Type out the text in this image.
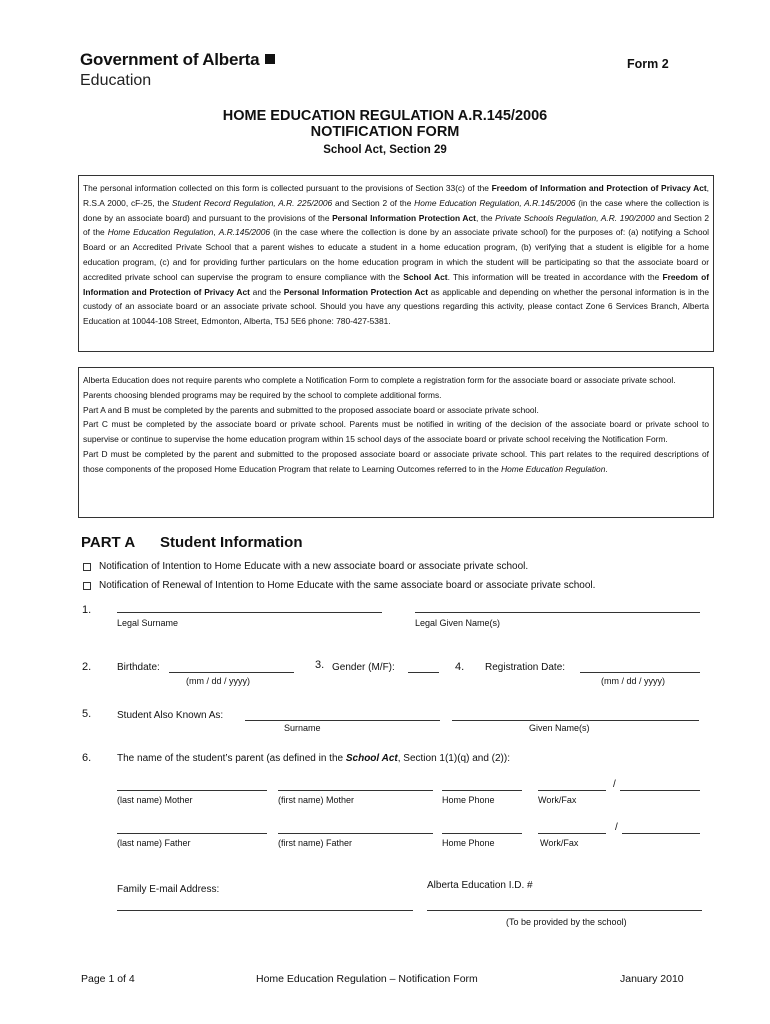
Government of Alberta
Education
Form 2
HOME EDUCATION REGULATION A.R.145/2006
NOTIFICATION FORM
School Act, Section 29

The personal information collected on this form is collected pursuant to the provisions of Section 33(c) of the Freedom of Information and Protection of Privacy Act, R.S.A 2000, cF-25, the Student Record Regulation, A.R. 225/2006 and Section 2 of the Home Education Regulation, A.R.145/2006 (in the case where the collection is done by an associate board) and pursuant to the provisions of the Personal Information Protection Act, the Private Schools Regulation, A.R. 190/2000 and Section 2 of the Home Education Regulation, A.R.145/2006 (in the case where the collection is done by an associate private school) for the purposes of: (a) notifying a School Board or an Accredited Private School that a parent wishes to educate a student in a home education program, (b) verifying that a student is eligible for a home education program, (c) and for providing further particulars on the home education program in which the student will be participating so that the associate board or accredited private school can supervise the program to ensure compliance with the School Act. This information will be treated in accordance with the Freedom of Information and Protection of Privacy Act and the Personal Information Protection Act as applicable and depending on whether the personal information is in the custody of an associate board or an associate private school. Should you have any questions regarding this activity, please contact Zone 6 Services Branch, Alberta Education at 10044-108 Street, Edmonton, Alberta, T5J 5E6 phone: 780-427-5381.

Alberta Education does not require parents who complete a Notification Form to complete a registration form for the associate board or associate private school.

Parents choosing blended programs may be required by the school to complete additional forms.

Part A and B must be completed by the parents and submitted to the proposed associate board or associate private school.

Part C must be completed by the associate board or private school. Parents must be notified in writing of the decision of the associate board or private school to supervise or continue to supervise the home education program within 15 school days of the associate board or private school receiving the Notification Form.

Part D must be completed by the parent and submitted to the proposed associate board or associate private school. This part relates to the required descriptions of those components of the proposed Home Education Program that relate to Learning Outcomes referred to in the Home Education Regulation.

PART A Student Information
Notification of Intention to Home Educate with a new associate board or associate private school.
Notification of Renewal of Intention to Home Educate with the same associate board or associate private school.
1.
Legal Surname	Legal Given Name(s)
2.	Birthdate:
(mm / dd / yyyy)
3. Gender (M/F):	4. Registration Date:
(mm / dd / yyyy)
5.	Student Also Known As:
Surname	Given Name(s)
6.	The name of the student’s parent (as defined in the School Act, Section 1(1)(q) and (2)):
/
(last name) Mother	(first name) Mother	Home Phone	Work/Fax
/
(last name) Father	(first name) Father	Home Phone	Work/Fax
Family E-mail Address:	Alberta Education I.D. #
(To be provided by the school)
Page 1 of 4	Home Education Regulation – Notification Form	January 2010
